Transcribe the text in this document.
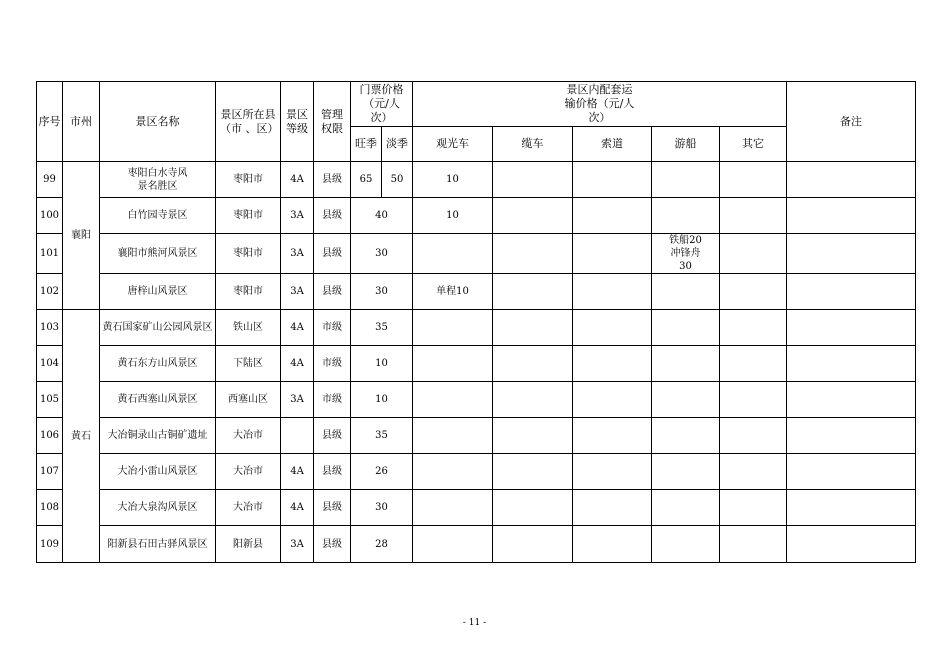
序号	市州	景区名称	景区所在县（市 、区）	景区等级	管理权限	门票价格（元/人次）		景区内配套运输价格（元/人次）					备注
						旺季	淡季	观光车	缆车	索道	游船	其它	
99	襄阳	枣阳白水寺风景名胜区	枣阳市	4A	县级	65	50	10					
100		白竹园寺景区	枣阳市	3A	县级	40		10					
101		襄阳市熊河风景区	枣阳市	3A	县级	30					铁船20 冲锋舟30		
102		唐梓山风景区	枣阳市	3A	县级	30		单程10					
103	黄石	黄石国家矿山公园风景区	铁山区	4A	市级	35							
104		黄石东方山风景区	下陆区	4A	市级	10							
105		黄石西塞山风景区	西塞山区	3A	市级	10							
106		大冶铜录山古铜矿遗址	大冶市		县级	35							
107		大冶小雷山风景区	大冶市	4A	县级	26							
108		大冶大泉沟风景区	大冶市	4A	县级	30							
109		阳新县石田古驿风景区	阳新县	3A	县级	28							
- 11 -
